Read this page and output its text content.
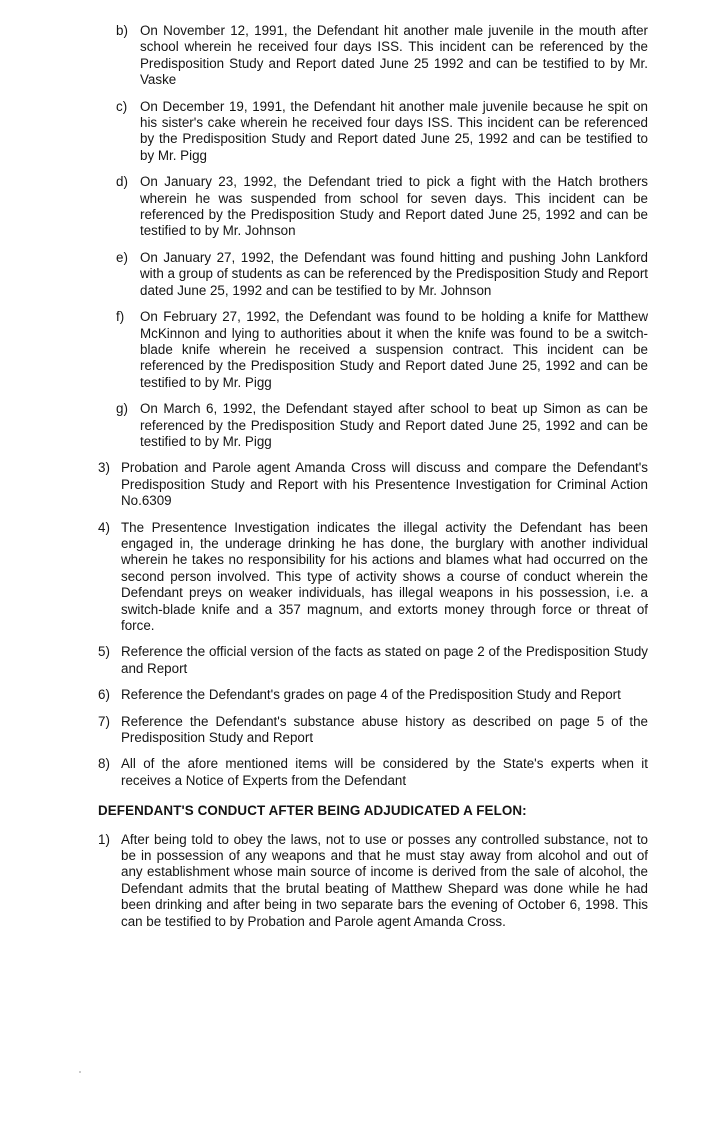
b) On November 12, 1991, the Defendant hit another male juvenile in the mouth after school wherein he received four days ISS. This incident can be referenced by the Predisposition Study and Report dated June 25 1992 and can be testified to by Mr. Vaske
c) On December 19, 1991, the Defendant hit another male juvenile because he spit on his sister's cake wherein he received four days ISS. This incident can be referenced by the Predisposition Study and Report dated June 25, 1992 and can be testified to by Mr. Pigg
d) On January 23, 1992, the Defendant tried to pick a fight with the Hatch brothers wherein he was suspended from school for seven days. This incident can be referenced by the Predisposition Study and Report dated June 25, 1992 and can be testified to by Mr. Johnson
e) On January 27, 1992, the Defendant was found hitting and pushing John Lankford with a group of students as can be referenced by the Predisposition Study and Report dated June 25, 1992 and can be testified to by Mr. Johnson
f)	On February 27, 1992, the Defendant was found to be holding a knife for Matthew McKinnon and lying to authorities about it when the knife was found to be a switch-blade knife wherein he received a suspension contract. This incident can be referenced by the Predisposition Study and Report dated June 25, 1992 and can be testified to by Mr. Pigg
g) On March 6, 1992, the Defendant stayed after school to beat up Simon as can be referenced by the Predisposition Study and Report dated June 25, 1992 and can be testified to by Mr. Pigg
3) Probation and Parole agent Amanda Cross will discuss and compare the Defendant's Predisposition Study and Report with his Presentence Investigation for Criminal Action No.6309
4) The Presentence Investigation indicates the illegal activity the Defendant has been engaged in, the underage drinking he has done, the burglary with another individual wherein he takes no responsibility for his actions and blames what had occurred on the second person involved. This type of activity shows a course of conduct wherein the Defendant preys on weaker individuals, has illegal weapons in his possession, i.e. a switch-blade knife and a 357 magnum, and extorts money through force or threat of force.
5) Reference the official version of the facts as stated on page 2 of the Predisposition Study and Report
6) Reference the Defendant's grades on page 4 of the Predisposition Study and Report
7) Reference the Defendant's substance abuse history as described on page 5 of the Predisposition Study and Report
8) All of the afore mentioned items will be considered by the State's experts when it receives a Notice of Experts from the Defendant
DEFENDANT'S CONDUCT AFTER BEING ADJUDICATED A FELON:
1) After being told to obey the laws, not to use or posses any controlled substance, not to be in possession of any weapons and that he must stay away from alcohol and out of any establishment whose main source of income is derived from the sale of alcohol, the Defendant admits that the brutal beating of Matthew Shepard was done while he had been drinking and after being in two separate bars the evening of October 6, 1998. This can be testified to by Probation and Parole agent Amanda Cross.
